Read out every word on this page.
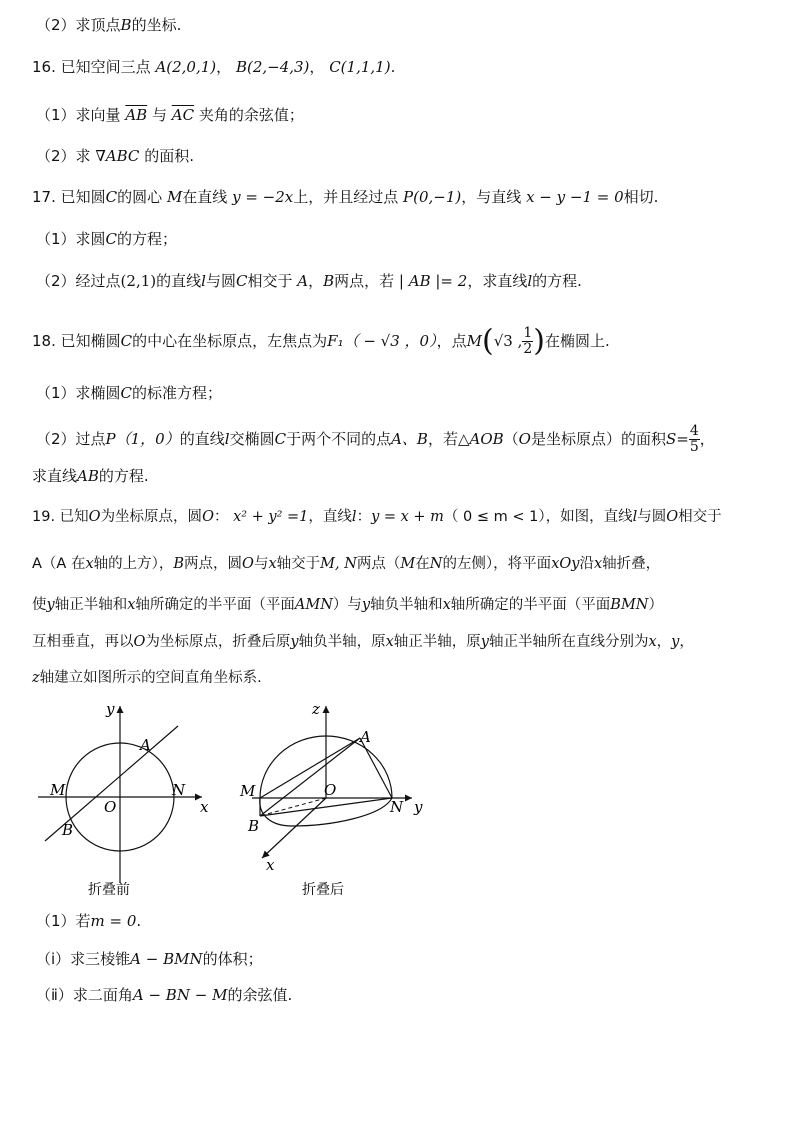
（2）求顶点B的坐标.
16. 已知空间三点 A(2,0,1)， B(2,−4,3)， C(1,1,1).
（1）求向量 $\overline{AB}$ 与 $\overline{AC}$ 夹角的余弦值；
（2）求 ∇ABC 的面积.
17. 已知圆C的圆心 M在直线 y = −2x上，并且经过点 P(0,−1)，与直线 x − y −1 = 0相切.
（1）求圆C的方程；
（2）经过点(2,1)的直线l与圆C相交于 A，B两点，若 | AB |= 2，求直线l的方程.
18. 已知椭圆C的中心在坐标原点，左焦点为F₁（ − √3 ，0），点M(√3 , $\frac{1}{2}$ )在椭圆上.
（1）求椭圆C的标准方程；
（2）过点P（1，0）的直线l交椭圆C于两个不同的点A、B，若△AOB（O是坐标原点）的面积$S= \frac{4}{5}$ ，
求直线AB的方程.
19. 已知O为坐标原点，圆O： x² + y² =1，直线l：y = x + m（ 0 ≤ m < 1），如图，直线l与圆O相交于
A（A 在x轴的上方），B两点，圆O与x轴交于M, N两点（M在N的左侧），将平面xOy沿x轴折叠，
使y轴正半轴和x轴所确定的半平面（平面AMN）与y轴负半轴和x轴所确定的半平面（平面BMN）
互相垂直，再以O为坐标原点，折叠后原y轴负半轴，原x轴正半轴，原y轴正半轴所在直线分别为x，y，
z轴建立如图所示的空间直角坐标系.
y
A
M
O
N
x
B
折叠前
z
A
M	O
N y
B
x
折叠后
（1）若m = 0.
（ⅰ）求三棱锥A − BMN的体积；
（ⅱ）求二面角A − BN − M的余弦值.
